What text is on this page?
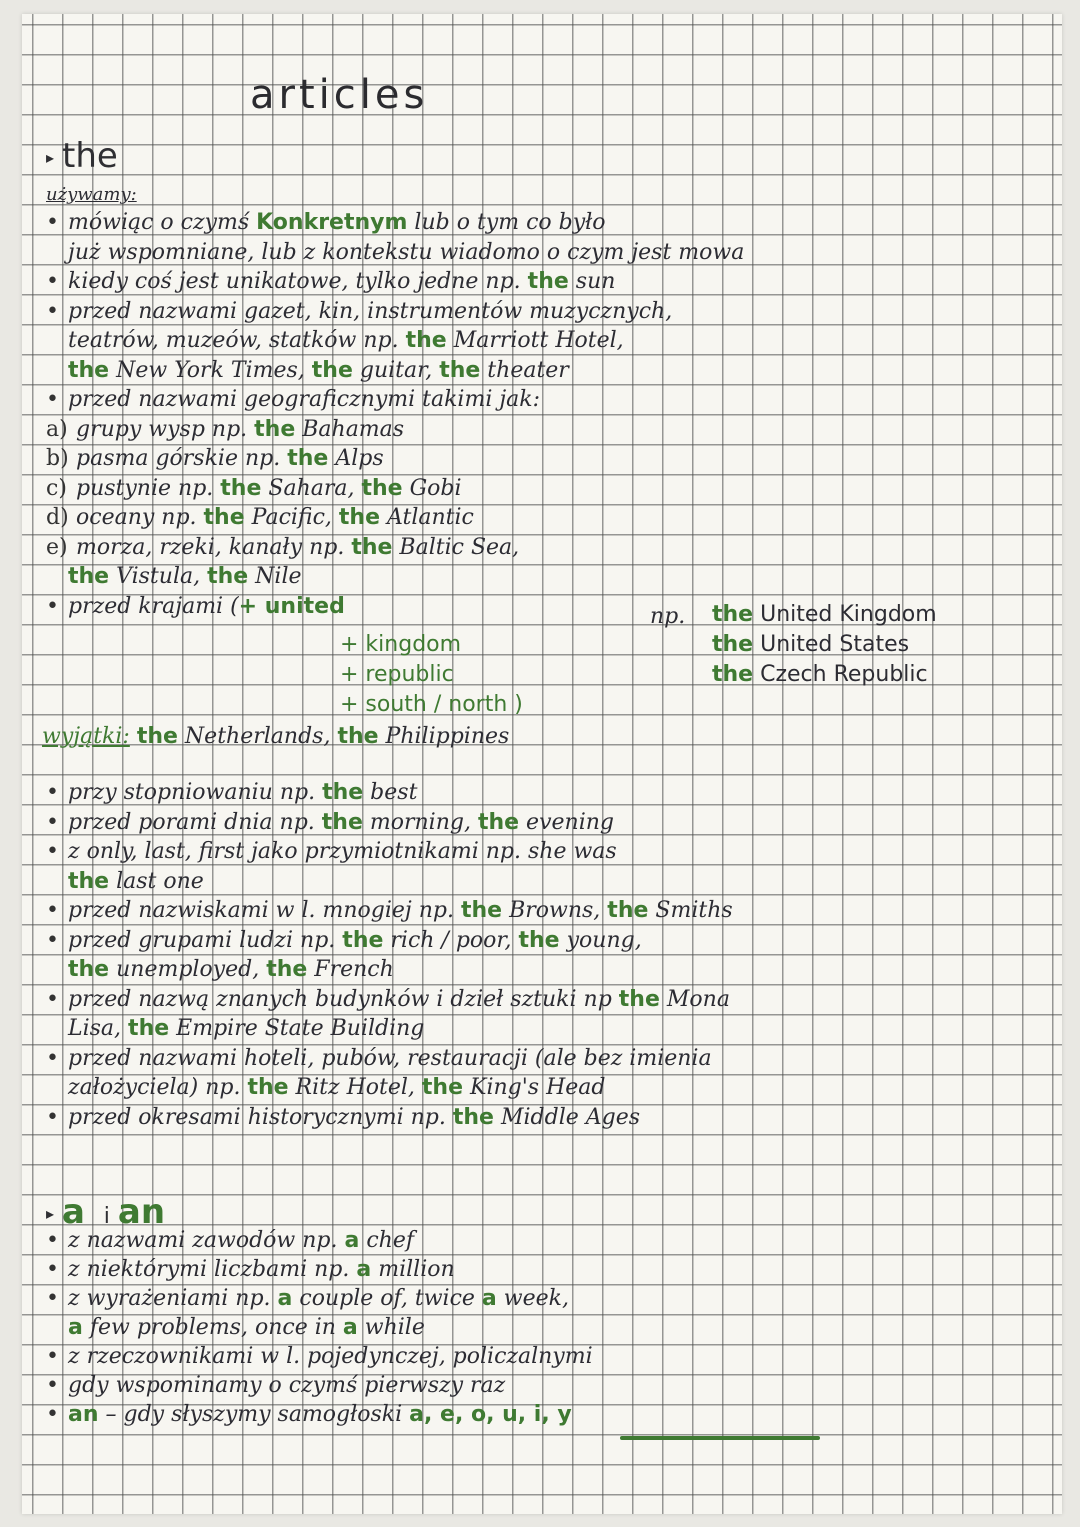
articles
▸ the
używamy:
• mówiąc o czymś Konkretnym lub o tym co było
już wspomniane, lub z kontekstu wiadomo o czym jest mowa
• kiedy coś jest unikatowe, tylko jedne np. the sun
• przed nazwami gazet, kin, instrumentów muzycznych,
teatrów, muzeów, statków np. the Marriott Hotel,
the New York Times, the guitar, the theater
• przed nazwami geograficznymi takimi jak:
a) grupy wysp np. the Bahamas
b) pasma górskie np. the Alps
c) pustynie np. the Sahara, the Gobi
d) oceany np. the Pacific, the Atlantic
e) morza, rzeki, kanały np. the Baltic Sea,
the Vistula, the Nile
• przed krajami (+ united
+ kingdom
+ republic
+ south / north )
np. the United Kingdom
the United States
the Czech Republic
wyjątki: the Netherlands, the Philippines
• przy stopniowaniu np. the best
• przed porami dnia np. the morning, the evening
• z only, last, first jako przymiotnikami np. she was
the last one
• przed nazwiskami w l. mnogiej np. the Browns, the Smiths
• przed grupami ludzi np. the rich / poor, the young,
the unemployed, the French
• przed nazwą znanych budynków i dzieł sztuki np the Mona
Lisa, the Empire State Building
• przed nazwami hoteli, pubów, restauracji (ale bez imienia
założyciela) np. the Ritz Hotel, the King's Head
• przed okresami historycznymi np. the Middle Ages
▸ a i an
• z nazwami zawodów np. a chef
• z niektórymi liczbami np. a million
• z wyrażeniami np. a couple of, twice a week,
a few problems, once in a while
• z rzeczownikami w l. pojedynczej, policzalnymi
• gdy wspominamy o czymś pierwszy raz
• an – gdy słyszymy samogłoski a, e, o, u, i, y
